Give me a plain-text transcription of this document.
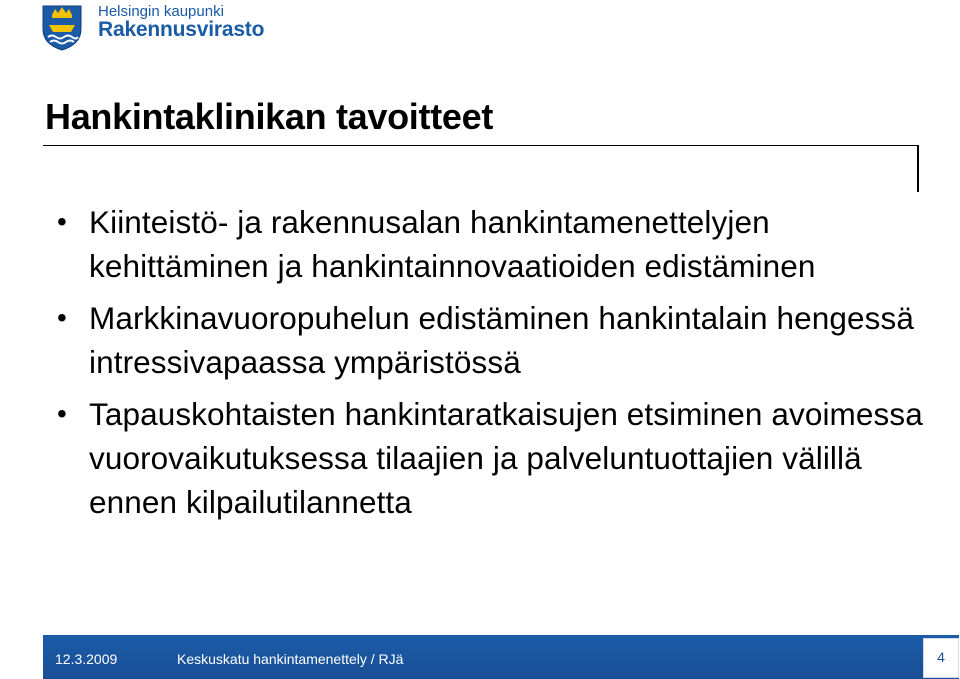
Helsingin kaupunki
Rakennusvirasto
Hankintaklinikan tavoitteet
• Kiinteistö- ja rakennusalan hankintamenettelyjen kehittäminen ja hankintainnovaatioiden edistäminen
• Markkinavuoropuhelun edistäminen hankintalain hengessä intressivapaassa ympäristössä
• Tapauskohtaisten hankintaratkaisujen etsiminen avoimessa vuorovaikutuksessa tilaajien ja palveluntuottajien välillä ennen kilpailutilannetta
12.3.2009	Keskuskatu hankintamenettely / RJä	4
